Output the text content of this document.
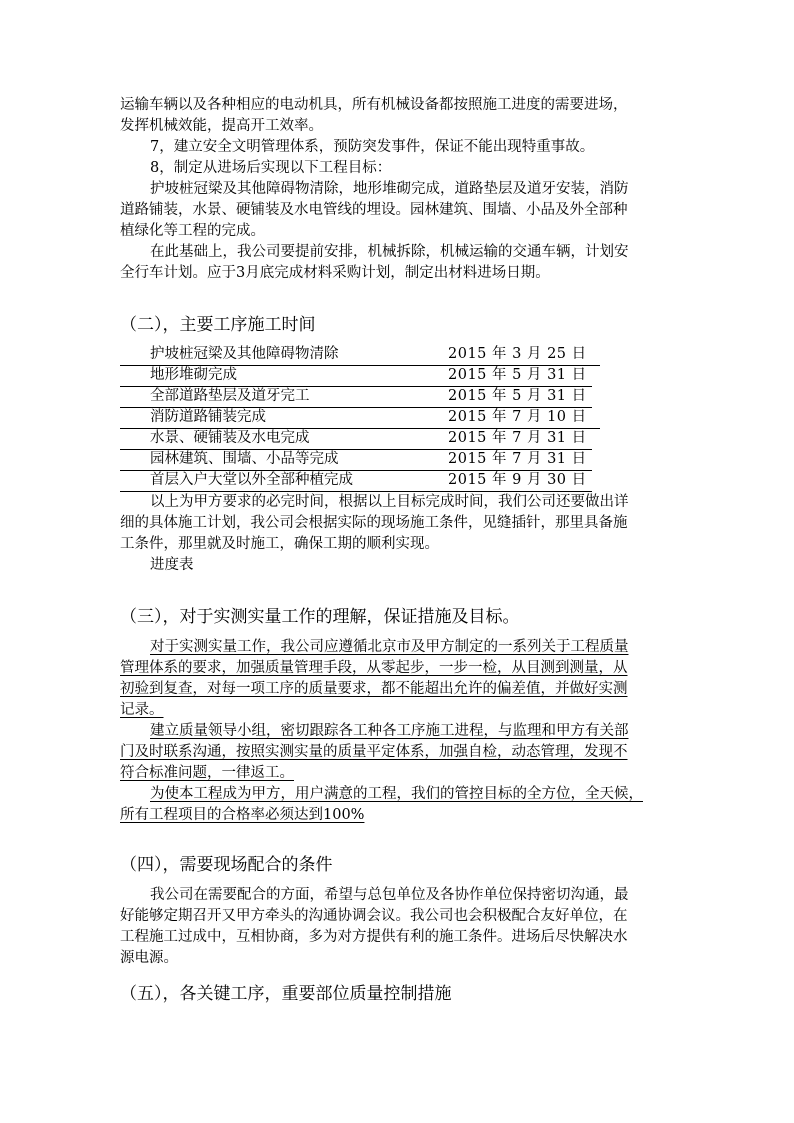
运输车辆以及各种相应的电动机具，所有机械设备都按照施工进度的需要进场，
发挥机械效能，提高开工效率。
7，建立安全文明管理体系，预防突发事件，保证不能出现特重事故。
8，制定从进场后实现以下工程目标：
护坡桩冠梁及其他障碍物清除，地形堆砌完成，道路垫层及道牙安装，消防
道路铺装，水景、硬铺装及水电管线的埋设。园林建筑、围墙、小品及外全部种
植绿化等工程的完成。
在此基础上，我公司要提前安排，机械拆除，机械运输的交通车辆，计划安
全行车计划。应于3月底完成材料采购计划，制定出材料进场日期。
（二），主要工序施工时间
护坡桩冠梁及其他障碍物清除	2015 年 3 月 25 日
地形堆砌完成	2015 年 5 月 31 日
全部道路垫层及道牙完工	2015 年 5 月 31 日
消防道路铺装完成	2015 年 7 月 10 日
水景、硬铺装及水电完成	2015 年 7 月 31 日
园林建筑、围墙、小品等完成	2015 年 7 月 31 日
首层入户大堂以外全部种植完成	2015 年 9 月 30 日
以上为甲方要求的必完时间，根据以上目标完成时间，我们公司还要做出详
细的具体施工计划，我公司会根据实际的现场施工条件，见缝插针，那里具备施
工条件，那里就及时施工，确保工期的顺利实现。
进度表
（三），对于实测实量工作的理解，保证措施及目标。
对于实测实量工作，我公司应遵循北京市及甲方制定的一系列关于工程质量
管理体系的要求，加强质量管理手段，从零起步，一步一检，从目测到测量，从
初验到复查，对每一项工序的质量要求，都不能超出允许的偏差值，并做好实测
记录。
建立质量领导小组，密切跟踪各工种各工序施工进程，与监理和甲方有关部
门及时联系沟通，按照实测实量的质量平定体系，加强自检，动态管理，发现不
符合标准问题，一律返工。
为使本工程成为甲方，用户满意的工程，我们的管控目标的全方位，全天候，
所有工程项目的合格率必须达到100%
（四），需要现场配合的条件
我公司在需要配合的方面，希望与总包单位及各协作单位保持密切沟通，最
好能够定期召开又甲方牵头的沟通协调会议。我公司也会积极配合友好单位，在
工程施工过成中，互相协商，多为对方提供有利的施工条件。进场后尽快解决水
源电源。
（五），各关键工序，重要部位质量控制措施
